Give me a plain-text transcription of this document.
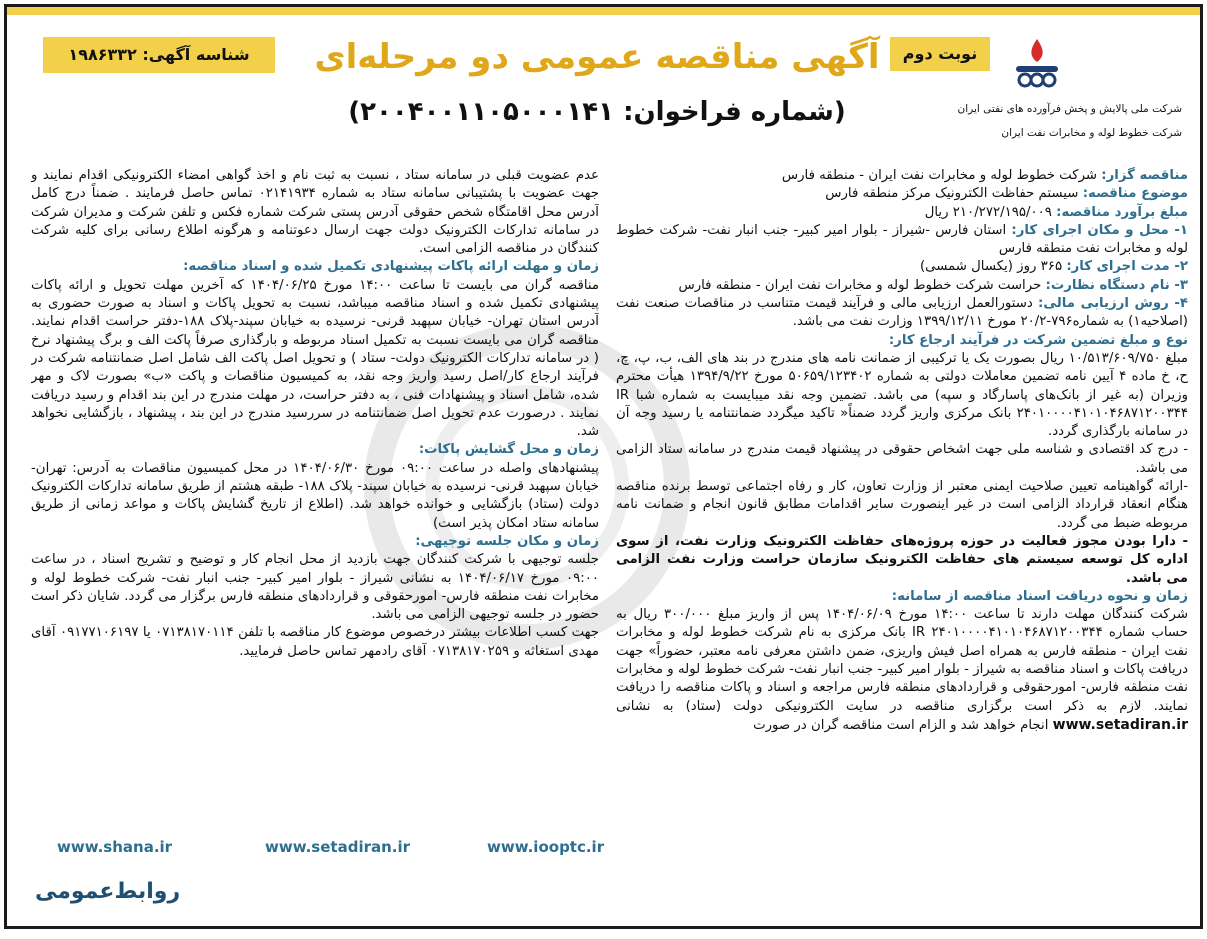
شرکت ملی پالایش و پخش فرآورده های نفتی ایران
شرکت خطوط لوله و مخابرات نفت ایران
نوبت دوم
آگهی مناقصه عمومی دو مرحله‌ای
(شماره فراخوان: ۲۰۰۴۰۰۱۱۰۵۰۰۰۱۴۱)
شناسه آگهی: ۱۹۸۶۳۳۲

مناقصه گزار: شرکت خطوط لوله و مخابرات نفت ایران - منطقه فارس

موضوع مناقصه: سیستم حفاظت الکترونیک مرکز منطقه فارس

مبلغ برآورد مناقصه: ۲۱۰/۲۷۲/۱۹۵/۰۰۹ ریال

۱- محل و مکان اجرای کار: استان فارس -شیراز - بلوار امیر کبیر- جنب انبار نفت- شرکت خطوط لوله و مخابرات نفت منطقه فارس

۲- مدت اجرای کار: ۳۶۵ روز (یکسال شمسی)

۳- نام دستگاه نظارت: حراست شرکت خطوط لوله و مخابرات نفت ایران - منطقه فارس

۴- روش ارزیابی مالی: دستورالعمل ارزیابی مالی و فرآیند قیمت متناسب در مناقصات صنعت نفت (اصلاحیه۱) به شماره۷۹۶-۲۰/۲ مورخ ۱۳۹۹/۱۲/۱۱ وزارت نفت می باشد.

نوع و مبلغ تضمین شرکت در فرآیند ارجاع کار:

مبلغ ۱۰/۵۱۳/۶۰۹/۷۵۰ ریال بصورت یک یا ترکیبی از ضمانت نامه های مندرج در بند های الف، ب، پ، چ، ح، خ ماده ۴ آیین نامه تضمین معاملات دولتی به شماره ۵۰۶۵۹/۱۲۳۴۰۲ مورخ ۱۳۹۴/۹/۲۲ هیأت محترم وزیران (به غیر از بانک‌های پاسارگاد و سپه) می باشد. تضمین وجه نقد میبایست به شماره شبا IR ۲۴۰۱۰۰۰۰۴۱۰۱۰۴۶۸۷۱۲۰۰۳۴۴ بانک مرکزی واریز گردد ضمناً« تاکید میگردد ضمانتنامه یا رسید وجه آن در سامانه بارگذاری گردد.

- درج کد اقتصادی و شناسه ملی جهت اشخاص حقوقی در پیشنهاد قیمت مندرج در سامانه ستاد الزامی می باشد.

-ارائه گواهینامه تعیین صلاحیت ایمنی معتبر از وزارت تعاون، کار و رفاه اجتماعی توسط برنده مناقصه هنگام انعقاد قرارداد الزامی است در غیر اینصورت سایر اقدامات مطابق قانون انجام و ضمانت نامه مربوطه ضبط می گردد.

- دارا بودن مجوز فعالیت در حوزه پروژه‌های حفاظت الکترونیک وزارت نفت، از سوی اداره کل توسعه سیستم های حفاظت الکترونیک سازمان حراست وزارت نفت الزامی می باشد.

زمان و نحوه دریافت اسناد مناقصه از سامانه:

شرکت کنندگان مهلت دارند تا ساعت ۱۴:۰۰ مورخ ۱۴۰۴/۰۶/۰۹ پس از واریز مبلغ ۳۰۰/۰۰۰ ریال به حساب شماره IR ۲۴۰۱۰۰۰۰۴۱۰۱۰۴۶۸۷۱۲۰۰۳۴۴ بانک مرکزی به نام شرکت خطوط لوله و مخابرات نفت ایران - منطقه فارس به همراه اصل فیش واریزی، ضمن داشتن معرفی نامه معتبر، حضوراً» جهت دریافت پاکات و اسناد مناقصه به شیراز - بلوار امیر کبیر- جنب انبار نفت- شرکت خطوط لوله و مخابرات نفت منطقه فارس- امورحقوقی و قراردادهای منطقه فارس مراجعه و اسناد و پاکات مناقصه را دریافت نمایند. لازم به ذکر است برگزاری مناقصه در سایت الکترونیکی دولت (ستاد) به نشانی www.setadiran.ir انجام خواهد شد و الزام است مناقصه گران در صورت

عدم عضویت قبلی در سامانه ستاد ، نسبت به ثبت نام و اخذ گواهی امضاء الکترونیکی اقدام نمایند و جهت عضویت با پشتیبانی سامانه ستاد به شماره ۰۲۱۴۱۹۳۴ تماس حاصل فرمایند . ضمناً درج کامل آدرس محل اقامتگاه شخص حقوقی آدرس پستی شرکت شماره فکس و تلفن شرکت و مدیران شرکت در سامانه تدارکات الکترونیک دولت جهت ارسال دعوتنامه و هرگونه اطلاع رسانی برای کلیه شرکت کنندگان در مناقصه الزامی است.

زمان و مهلت ارائه پاکات پیشنهادی تکمیل شده و اسناد مناقصه:

مناقصه گران می بایست تا ساعت ۱۴:۰۰ مورخ ۱۴۰۴/۰۶/۲۵ که آخرین مهلت تحویل و ارائه پاکات پیشنهادی تکمیل شده و اسناد مناقصه میباشد، نسبت به تحویل پاکات و اسناد به صورت حضوری به آدرس استان تهران- خیابان سپهبد قرنی- نرسیده به خیابان سپند-پلاک ۱۸۸-دفتر حراست اقدام نمایند. مناقصه گران می بایست نسبت به تکمیل اسناد مربوطه و بارگذاری صرفاً پاکت الف و برگ پیشنهاد نرخ ( در سامانه تدارکات الکترونیک دولت- ستاد ) و تحویل اصل پاکت الف شامل اصل ضمانتنامه شرکت در فرآیند ارجاع کار/اصل رسید واریز وجه نقد، به کمیسیون مناقصات و پاکت «ب» بصورت لاک و مهر شده، شامل اسناد و پیشنهادات فنی ، به دفتر حراست، در مهلت مندرج در این بند اقدام و رسید دریافت نمایند . درصورت عدم تحویل اصل ضمانتنامه در سررسید مندرج در این بند ، پیشنهاد ، بازگشایی نخواهد شد.

زمان و محل گشایش پاکات:

پیشنهادهای واصله در ساعت ۰۹:۰۰ مورخ ۱۴۰۴/۰۶/۳۰ در محل کمیسیون مناقصات به آدرس: تهران- خیابان سپهبد قرنی- نرسیده به خیابان سپند- پلاک ۱۸۸- طبقه هشتم از طریق سامانه تدارکات الکترونیک دولت (ستاد) بازگشایی و خوانده خواهد شد. (اطلاع از تاریخ گشایش پاکات و مواعد زمانی از طریق سامانه ستاد امکان پذیر است)

زمان و مکان جلسه توجیهی:

جلسه توجیهی با شرکت کنندگان جهت بازدید از محل انجام کار و توضیح و تشریح اسناد ، در ساعت ۰۹:۰۰ مورخ ۱۴۰۴/۰۶/۱۷ به نشانی شیراز - بلوار امیر کبیر- جنب انبار نفت- شرکت خطوط لوله و مخابرات نفت منطقه فارس- امورحقوقی و قراردادهای منطقه فارس برگزار می گردد. شایان ذکر است حضور در جلسه توجیهی الزامی می باشد.

جهت کسب اطلاعات بیشتر درخصوص موضوع کار مناقصه با تلفن ۰۷۱۳۸۱۷۰۱۱۴ یا ۰۹۱۷۷۱۰۶۱۹۷ آقای مهدی استغاثه و ۰۷۱۳۸۱۷۰۲۵۹ آقای رادمهر تماس حاصل فرمایید.

www.shana.ir	www.setadiran.ir	www.iooptc.ir
روابط‌عمومی
